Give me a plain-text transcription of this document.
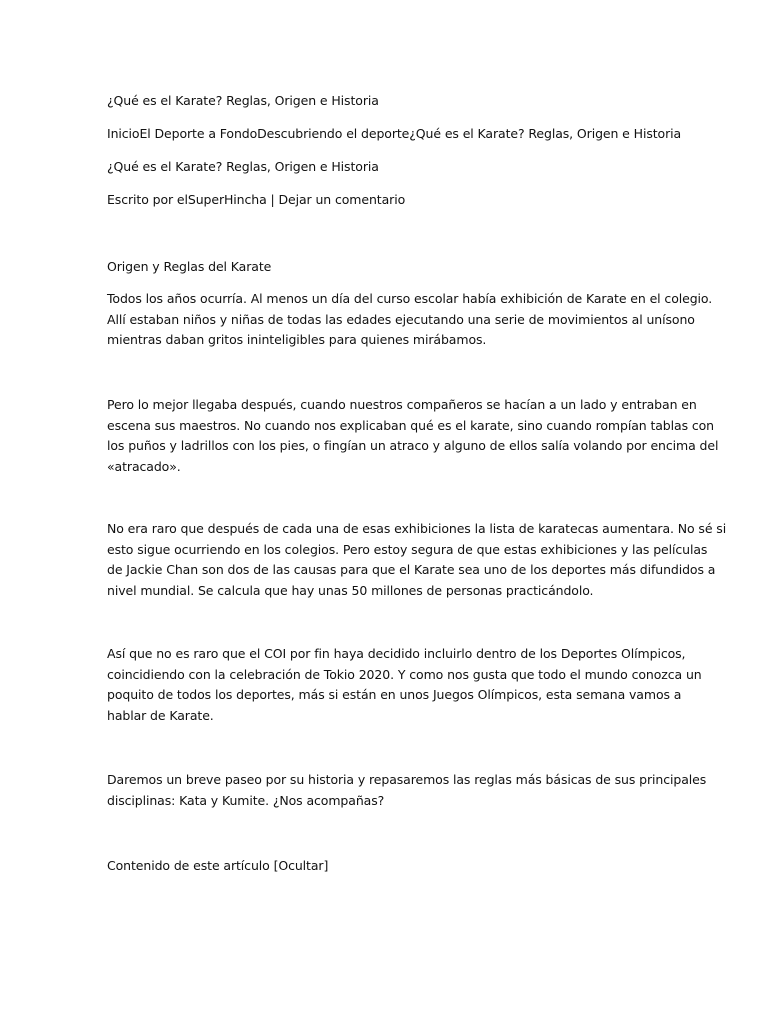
¿Qué es el Karate? Reglas, Origen e Historia

InicioEl Deporte a FondoDescubriendo el deporte¿Qué es el Karate? Reglas, Origen e Historia

¿Qué es el Karate? Reglas, Origen e Historia

Escrito por elSuperHincha | Dejar un comentario

Origen y Reglas del Karate

Todos los años ocurría. Al menos un día del curso escolar había exhibición de Karate en el colegio.
Allí estaban niños y niñas de todas las edades ejecutando una serie de movimientos al unísono
mientras daban gritos ininteligibles para quienes mirábamos.
Pero lo mejor llegaba después, cuando nuestros compañeros se hacían a un lado y entraban en
escena sus maestros. No cuando nos explicaban qué es el karate, sino cuando rompían tablas con
los puños y ladrillos con los pies, o fingían un atraco y alguno de ellos salía volando por encima del
«atracado».
No era raro que después de cada una de esas exhibiciones la lista de karatecas aumentara. No sé si
esto sigue ocurriendo en los colegios. Pero estoy segura de que estas exhibiciones y las películas
de Jackie Chan son dos de las causas para que el Karate sea uno de los deportes más difundidos a
nivel mundial. Se calcula que hay unas 50 millones de personas practicándolo.
Así que no es raro que el COI por fin haya decidido incluirlo dentro de los Deportes Olímpicos,
coincidiendo con la celebración de Tokio 2020. Y como nos gusta que todo el mundo conozca un
poquito de todos los deportes, más si están en unos Juegos Olímpicos, esta semana vamos a
hablar de Karate.
Daremos un breve paseo por su historia y repasaremos las reglas más básicas de sus principales
disciplinas: Kata y Kumite. ¿Nos acompañas?

Contenido de este artículo [Ocultar]
